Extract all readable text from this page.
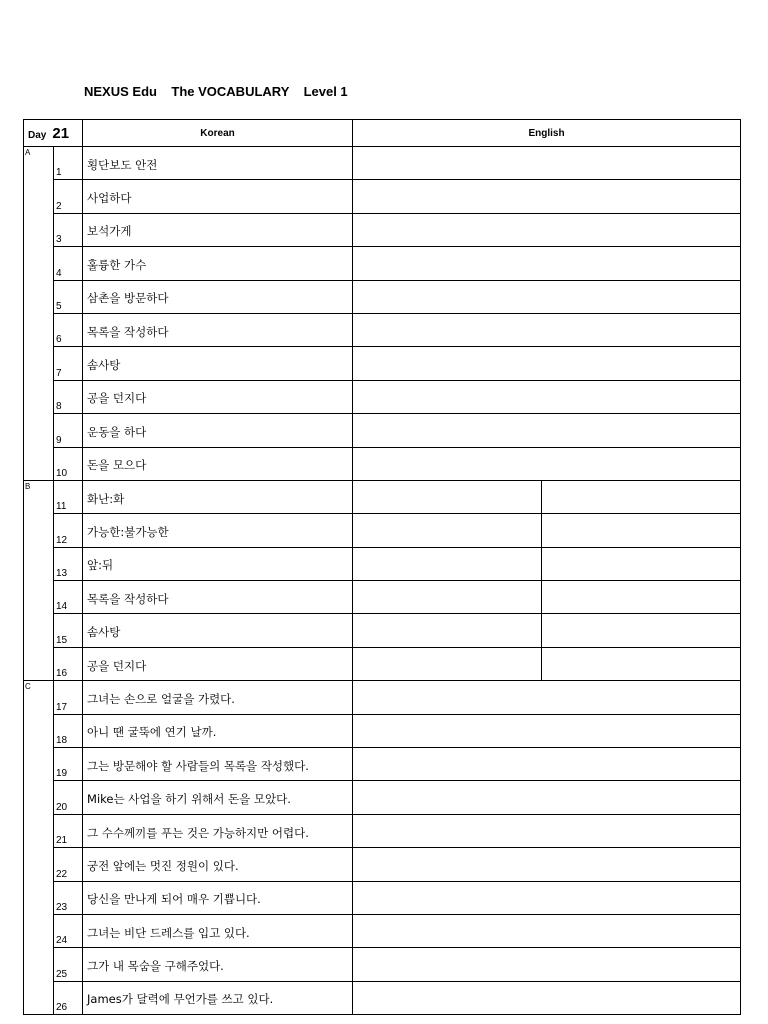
NEXUS Edu    The VOCABULARY    Level 1
Day 21		Korean	English	
A	1	횡단보도 안전		
	2	사업하다		
	3	보석가게		
	4	훌륭한 가수		
	5	삼촌을 방문하다		
	6	목록을 작성하다		
	7	솜사탕		
	8	공을 던지다		
	9	운동을 하다		
	10	돈을 모으다		
B	11	화난:화		
	12	가능한:불가능한		
	13	앞:뒤		
	14	목록을 작성하다		
	15	솜사탕		
	16	공을 던지다		
C	17	그녀는 손으로 얼굴을 가렸다.		
	18	아니 땐 굴뚝에 연기 날까.		
	19	그는 방문해야 할 사람들의 목록을 작성했다.		
	20	Mike는 사업을 하기 위해서 돈을 모았다.		
	21	그 수수께끼를 푸는 것은 가능하지만 어렵다.		
	22	궁전 앞에는 멋진 정원이 있다.		
	23	당신을 만나게 되어 매우 기쁩니다.		
	24	그녀는 비단 드레스를 입고 있다.		
	25	그가 내 목숨을 구해주었다.		
	26	James가 달력에 무언가를 쓰고 있다.		
